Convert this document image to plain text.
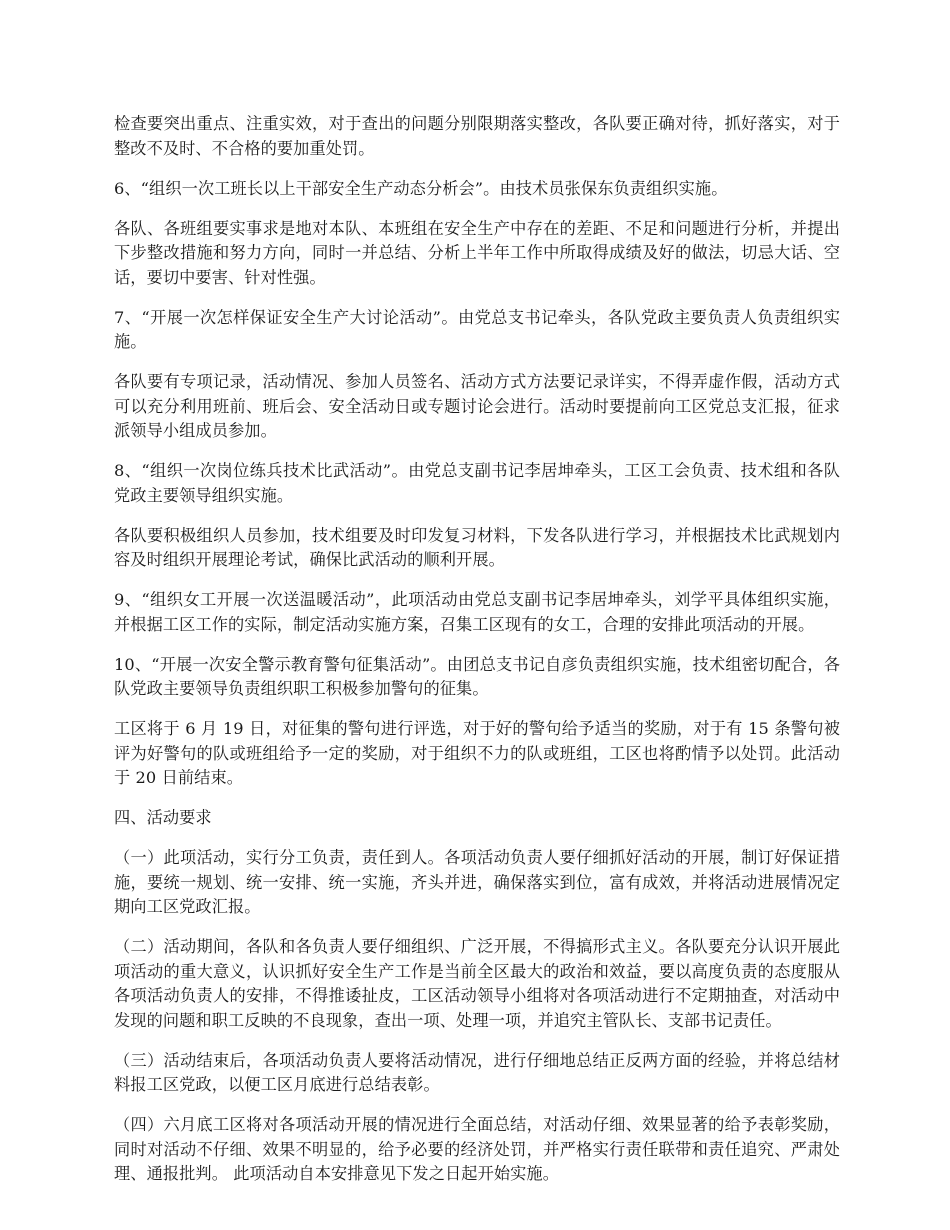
检查要突出重点、注重实效，对于查出的问题分别限期落实整改，各队要正确对待，抓好落实，对于整改不及时、不合格的要加重处罚。

6、“组织一次工班长以上干部安全生产动态分析会”。由技术员张保东负责组织实施。

各队、各班组要实事求是地对本队、本班组在安全生产中存在的差距、不足和问题进行分析，并提出下步整改措施和努力方向，同时一并总结、分析上半年工作中所取得成绩及好的做法，切忌大话、空话，要切中要害、针对性强。

7、“开展一次怎样保证安全生产大讨论活动”。由党总支书记牵头，各队党政主要负责人负责组织实施。

各队要有专项记录，活动情况、参加人员签名、活动方式方法要记录详实，不得弄虚作假，活动方式可以充分利用班前、班后会、安全活动日或专题讨论会进行。活动时要提前向工区党总支汇报，征求派领导小组成员参加。

8、“组织一次岗位练兵技术比武活动”。由党总支副书记李居坤牵头，工区工会负责、技术组和各队党政主要领导组织实施。

各队要积极组织人员参加，技术组要及时印发复习材料，下发各队进行学习，并根据技术比武规划内容及时组织开展理论考试，确保比武活动的顺利开展。

9、“组织女工开展一次送温暖活动”，此项活动由党总支副书记李居坤牵头，刘学平具体组织实施，并根据工区工作的实际，制定活动实施方案，召集工区现有的女工，合理的安排此项活动的开展。

10、“开展一次安全警示教育警句征集活动”。由团总支书记自彦负责组织实施，技术组密切配合，各队党政主要领导负责组织职工积极参加警句的征集。

工区将于 6 月 19 日，对征集的警句进行评选，对于好的警句给予适当的奖励，对于有 15 条警句被评为好警句的队或班组给予一定的奖励，对于组织不力的队或班组，工区也将酌情予以处罚。此活动于 20 日前结束。

四、活动要求

（一）此项活动，实行分工负责，责任到人。各项活动负责人要仔细抓好活动的开展，制订好保证措施，要统一规划、统一安排、统一实施，齐头并进，确保落实到位，富有成效，并将活动进展情况定期向工区党政汇报。

（二）活动期间，各队和各负责人要仔细组织、广泛开展，不得搞形式主义。各队要充分认识开展此项活动的重大意义，认识抓好安全生产工作是当前全区最大的政治和效益，要以高度负责的态度服从各项活动负责人的安排，不得推诿扯皮，工区活动领导小组将对各项活动进行不定期抽查，对活动中发现的问题和职工反映的不良现象，查出一项、处理一项，并追究主管队长、支部书记责任。

（三）活动结束后，各项活动负责人要将活动情况，进行仔细地总结正反两方面的经验，并将总结材料报工区党政，以便工区月底进行总结表彰。

（四）六月底工区将对各项活动开展的情况进行全面总结，对活动仔细、效果显著的给予表彰奖励，同时对活动不仔细、效果不明显的，给予必要的经济处罚，并严格实行责任联带和责任追究、严肃处理、通报批判。 此项活动自本安排意见下发之日起开始实施。
